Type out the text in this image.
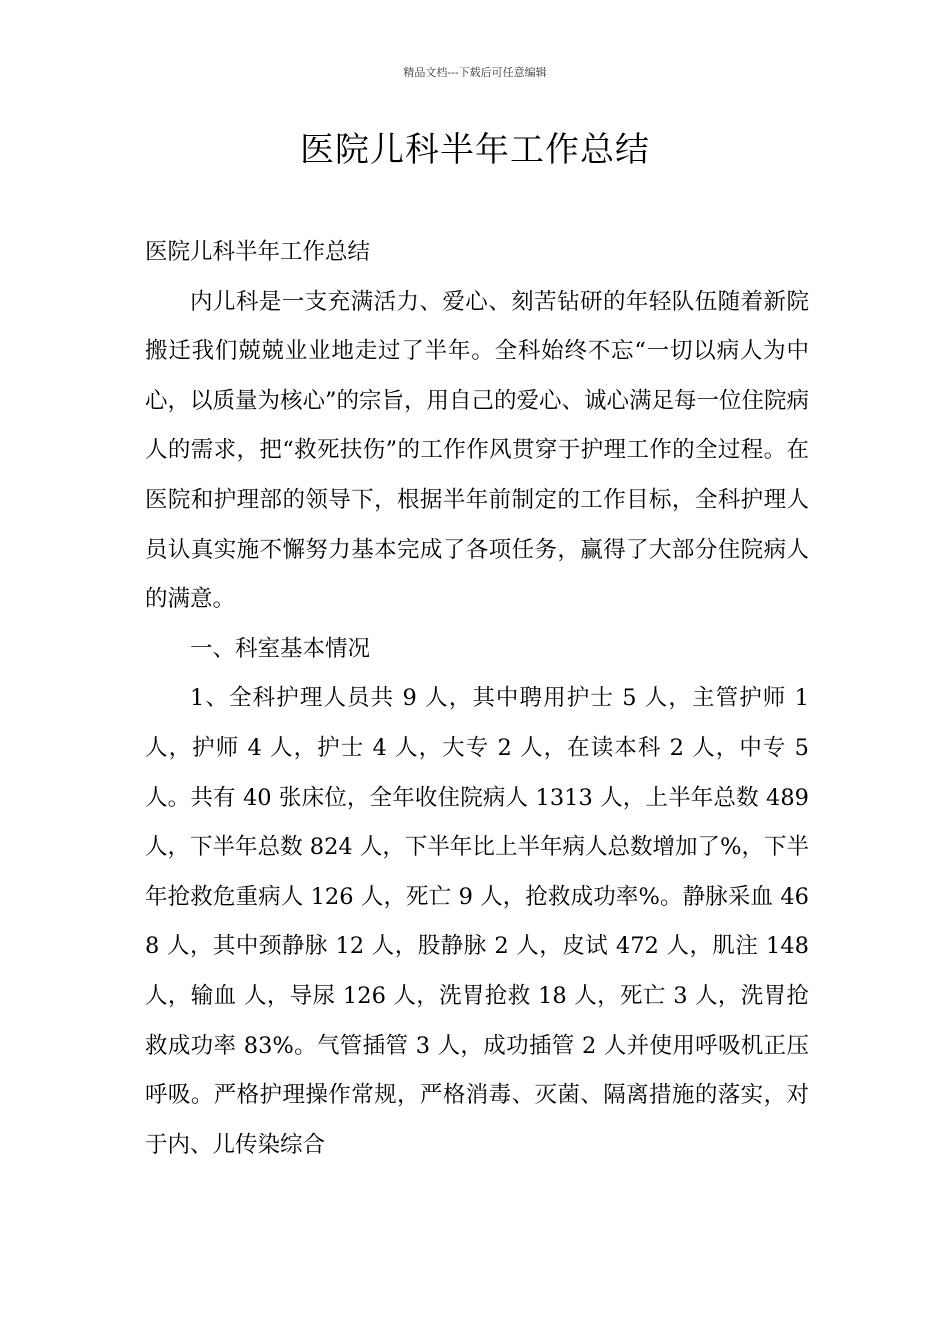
精品文档---下载后可任意编辑
医院儿科半年工作总结

医院儿科半年工作总结

内儿科是一支充满活力、爱心、刻苦钻研的年轻队伍随着新院搬迁我们兢兢业业地走过了半年。全科始终不忘“一切以病人为中心，以质量为核心”的宗旨，用自己的爱心、诚心满足每一位住院病人的需求，把“救死扶伤”的工作作风贯穿于护理工作的全过程。在医院和护理部的领导下，根据半年前制定的工作目标，全科护理人员认真实施不懈努力基本完成了各项任务，赢得了大部分住院病人的满意。

一、科室基本情况

1、全科护理人员共 9 人，其中聘用护士 5 人，主管护师 1 人，护师 4 人，护士 4 人，大专 2 人，在读本科 2 人，中专 5 人。共有 40 张床位，全年收住院病人 1313 人，上半年总数 489 人，下半年总数 824 人，下半年比上半年病人总数增加了%，下半年抢救危重病人 126 人，死亡 9 人，抢救成功率%。静脉采血 468 人，其中颈静脉 12 人，股静脉 2 人，皮试 472 人，肌注 148 人，输血 人，导尿 126 人，洗胃抢救 18 人，死亡 3 人，洗胃抢救成功率 83%。气管插管 3 人，成功插管 2 人并使用呼吸机正压呼吸。严格护理操作常规，严格消毒、灭菌、隔离措施的落实，对于内、儿传染综合
